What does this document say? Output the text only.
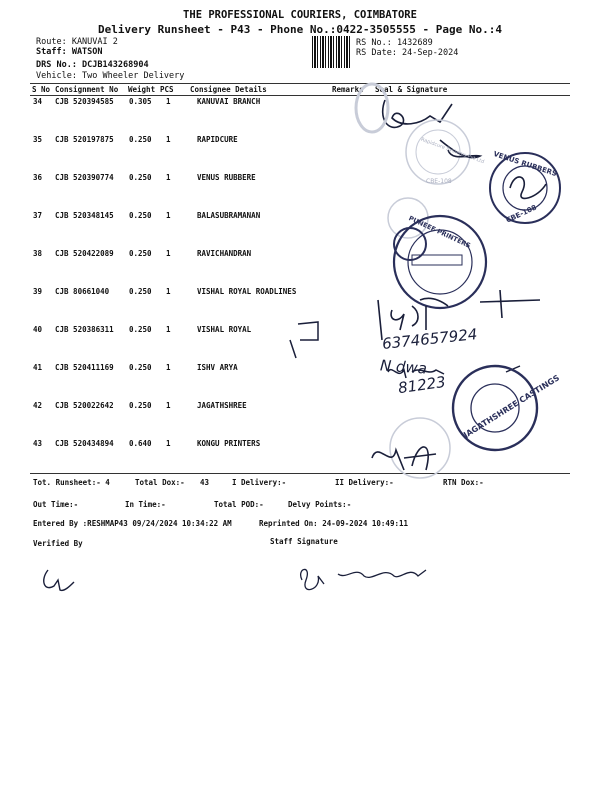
THE PROFESSIONAL COURIERS, COIMBATORE
Delivery Runsheet - P43 - Phone No.:0422-3505555 - Page No.:4
Route: KANUVAI 2
Staff: WATSON
DRS No.: DCJB143268904
Vehicle: Two Wheeler Delivery
RS No.: 1432689
RS Date: 24-Sep-2024
S No Consignment No Weight PCS Consignee Details	Remarks Seal & Signature
34 CJB 520394585 0.305 1	KANUVAI BRANCH
35 CJB 520197875 0.250 1	RAPIDCURE
36 CJB 520390774 0.250 1	VENUS RUBBERE
37 CJB 520348145 0.250 1	BALASUBRAMANAN
38 CJB 520422089 0.250 1	RAVICHANDRAN
39 CJB 80661040	0.250 1	VISHAL ROYAL ROADLINES
40 CJB 520386311 0.250 1	VISHAL ROYAL
41 CJB 520411169 0.250 1	ISHV ARYA
42 CJB 520022642 0.250 1	JAGATHSHREE
43 CJB 520434894 0.640 1	KONGU PRINTERS
Tot. Runsheet:- 4	Total Dox:- 43	I Delivery:-	II Delivery:-	RTN Dox:-
Out Time:-	In Time:-	Total POD:-	Delvy Points:-
Entered By :RESHMAP43 09/24/2024 10:34:22 AM	Reprinted On: 24-09-2024 10:49:11
Verified By	Staff Signature
Rapidcure Systems Pvt Ltd
CBE-108
VENUS RUBBERS
CBE-108
PUNEEF PRINTERS
JAGATHSHREE CASTINGS
6374657924
N dwa
81223
